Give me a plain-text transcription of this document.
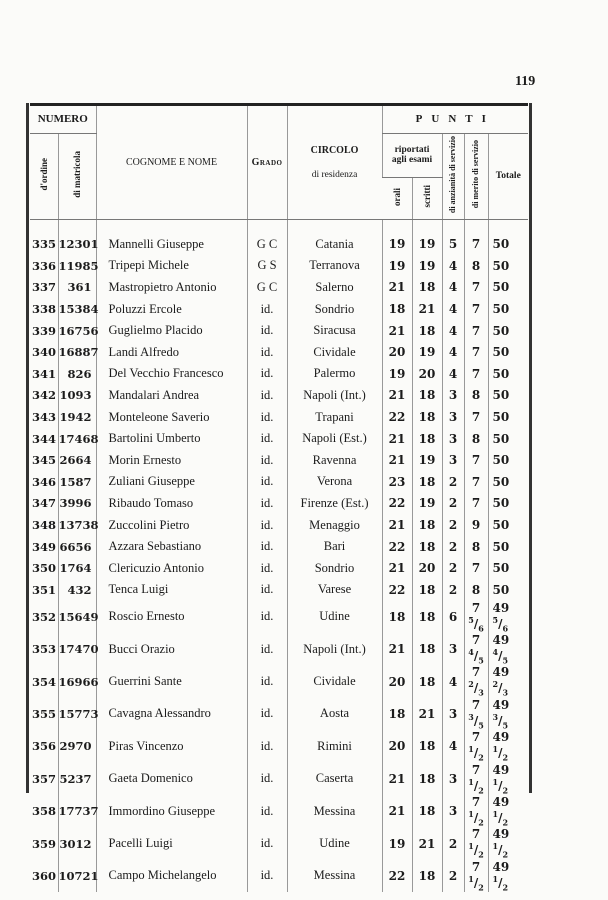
119
NUMERO		COGNOME E NOME	Grado	CIRCOLO
di residenza	PUNTI				
d'ordine	di matricola				riportati agli esami		di anzianità di servizio	di merito di servizio	Totale
					orali	scritti			
335	12301	Mannelli Giuseppe	G C	Catania	19	19	5	7	50
336	11985	Tripepi Michele	G S	Terranova	19	19	4	8	50
337	361	Mastropietro Antonio	G C	Salerno	21	18	4	7	50
338	15384	Poluzzi Ercole	id.	Sondrio	18	21	4	7	50
339	16756	Guglielmo Placido	id.	Siracusa	21	18	4	7	50
340	16887	Landi Alfredo	id.	Cividale	20	19	4	7	50
341	826	Del Vecchio Francesco	id.	Palermo	19	20	4	7	50
342	1093	Mandalari Andrea	id.	Napoli (Int.)	21	18	3	8	50
343	1942	Monteleone Saverio	id.	Trapani	22	18	3	7	50
344	17468	Bartolini Umberto	id.	Napoli (Est.)	21	18	3	8	50
345	2664	Morin Ernesto	id.	Ravenna	21	19	3	7	50
346	1587	Zuliani Giuseppe	id.	Verona	23	18	2	7	50
347	3996	Ribaudo Tomaso	id.	Firenze (Est.)	22	19	2	7	50
348	13738	Zuccolini Pietro	id.	Menaggio	21	18	2	9	50
349	6656	Azzara Sebastiano	id.	Bari	22	18	2	8	50
350	1764	Clericuzio Antonio	id.	Sondrio	21	20	2	7	50
351	432	Tenca Luigi	id.	Varese	22	18	2	8	50
352	15649	Roscio Ernesto	id.	Udine	18	18	6	7 $^5/_6$	49 $^5/_6$
353	17470	Bucci Orazio	id.	Napoli (Int.)	21	18	3	7 $^4/_5$	49 $^4/_5$
354	16966	Guerrini Sante	id.	Cividale	20	18	4	7 $^2/_3$	49 $^2/_3$
355	15773	Cavagna Alessandro	id.	Aosta	18	21	3	7 $^3/_5$	49 $^3/_5$
356	2970	Piras Vincenzo	id.	Rimini	20	18	4	7 $^1/_2$	49 $^1/_2$
357	5237	Gaeta Domenico	id.	Caserta	21	18	3	7 $^1/_2$	49 $^1/_2$
358	17737	Immordino Giuseppe	id.	Messina	21	18	3	7 $^1/_2$	49 $^1/_2$
359	3012	Pacelli Luigi	id.	Udine	19	21	2	7 $^1/_2$	49 $^1/_2$
360	10721	Campo Michelangelo	id.	Messina	22	18	2	7 $^1/_2$	49 $^1/_2$
